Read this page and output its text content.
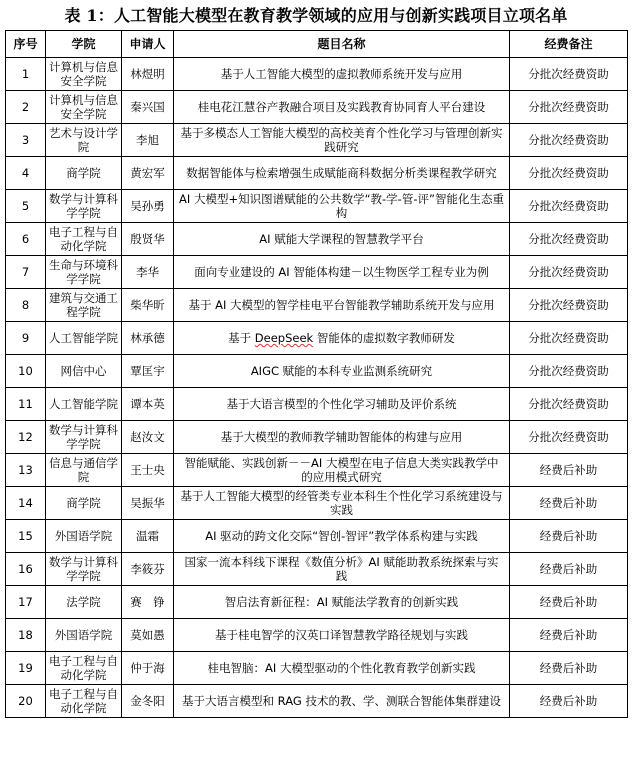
表 1：人工智能大模型在教育教学领域的应用与创新实践项目立项名单
序号	学院	申请人	题目名称	经费备注
1	计算机与信息安全学院	林煜明	基于人工智能大模型的虚拟教师系统开发与应用	分批次经费资助
2	计算机与信息安全学院	秦兴国	桂电花江慧谷产教融合项目及实践教育协同育人平台建设	分批次经费资助
3	艺术与设计学院	李旭	基于多模态人工智能大模型的高校美育个性化学习与管理创新实践研究	分批次经费资助
4	商学院	黄宏军	数据智能体与检索增强生成赋能商科数据分析类课程教学研究	分批次经费资助
5	数学与计算科学学院	吴孙勇	AI 大模型+知识图谱赋能的公共数学“教-学-管-评”智能化生态重构	分批次经费资助
6	电子工程与自动化学院	殷贤华	AI 赋能大学课程的智慧教学平台	分批次经费资助
7	生命与环境科学学院	李华	面向专业建设的 AI 智能体构建－以生物医学工程专业为例	分批次经费资助
8	建筑与交通工程学院	柴华昕	基于 AI 大模型的智学桂电平台智能教学辅助系统开发与应用	分批次经费资助
9	人工智能学院	林承德	基于 DeepSeek 智能体的虚拟数字教师研发	分批次经费资助
10	网信中心	覃匡宇	AIGC 赋能的本科专业监测系统研究	分批次经费资助
11	人工智能学院	谭本英	基于大语言模型的个性化学习辅助及评价系统	分批次经费资助
12	数学与计算科学学院	赵汝文	基于大模型的教师教学辅助智能体的构建与应用	分批次经费资助
13	信息与通信学院	王士央	智能赋能、实践创新－－AI 大模型在电子信息大类实践教学中的应用模式研究	经费后补助
14	商学院	吴振华	基于人工智能大模型的经管类专业本科生个性化学习系统建设与实践	经费后补助
15	外国语学院	温霜	AI 驱动的跨文化交际“智创-智评”教学体系构建与实践	经费后补助
16	数学与计算科学学院	李筱芬	国家一流本科线下课程《数值分析》AI 赋能助教系统探索与实践	经费后补助
17	法学院	赛　铮	智启法育新征程：AI 赋能法学教育的创新实践	经费后补助
18	外国语学院	莫如愚	基于桂电智学的汉英口译智慧教学路径规划与实践	经费后补助
19	电子工程与自动化学院	仲于海	桂电智脑：AI 大模型驱动的个性化教育教学创新实践	经费后补助
20	电子工程与自动化学院	金冬阳	基于大语言模型和 RAG 技术的教、学、测联合智能体集群建设	经费后补助
